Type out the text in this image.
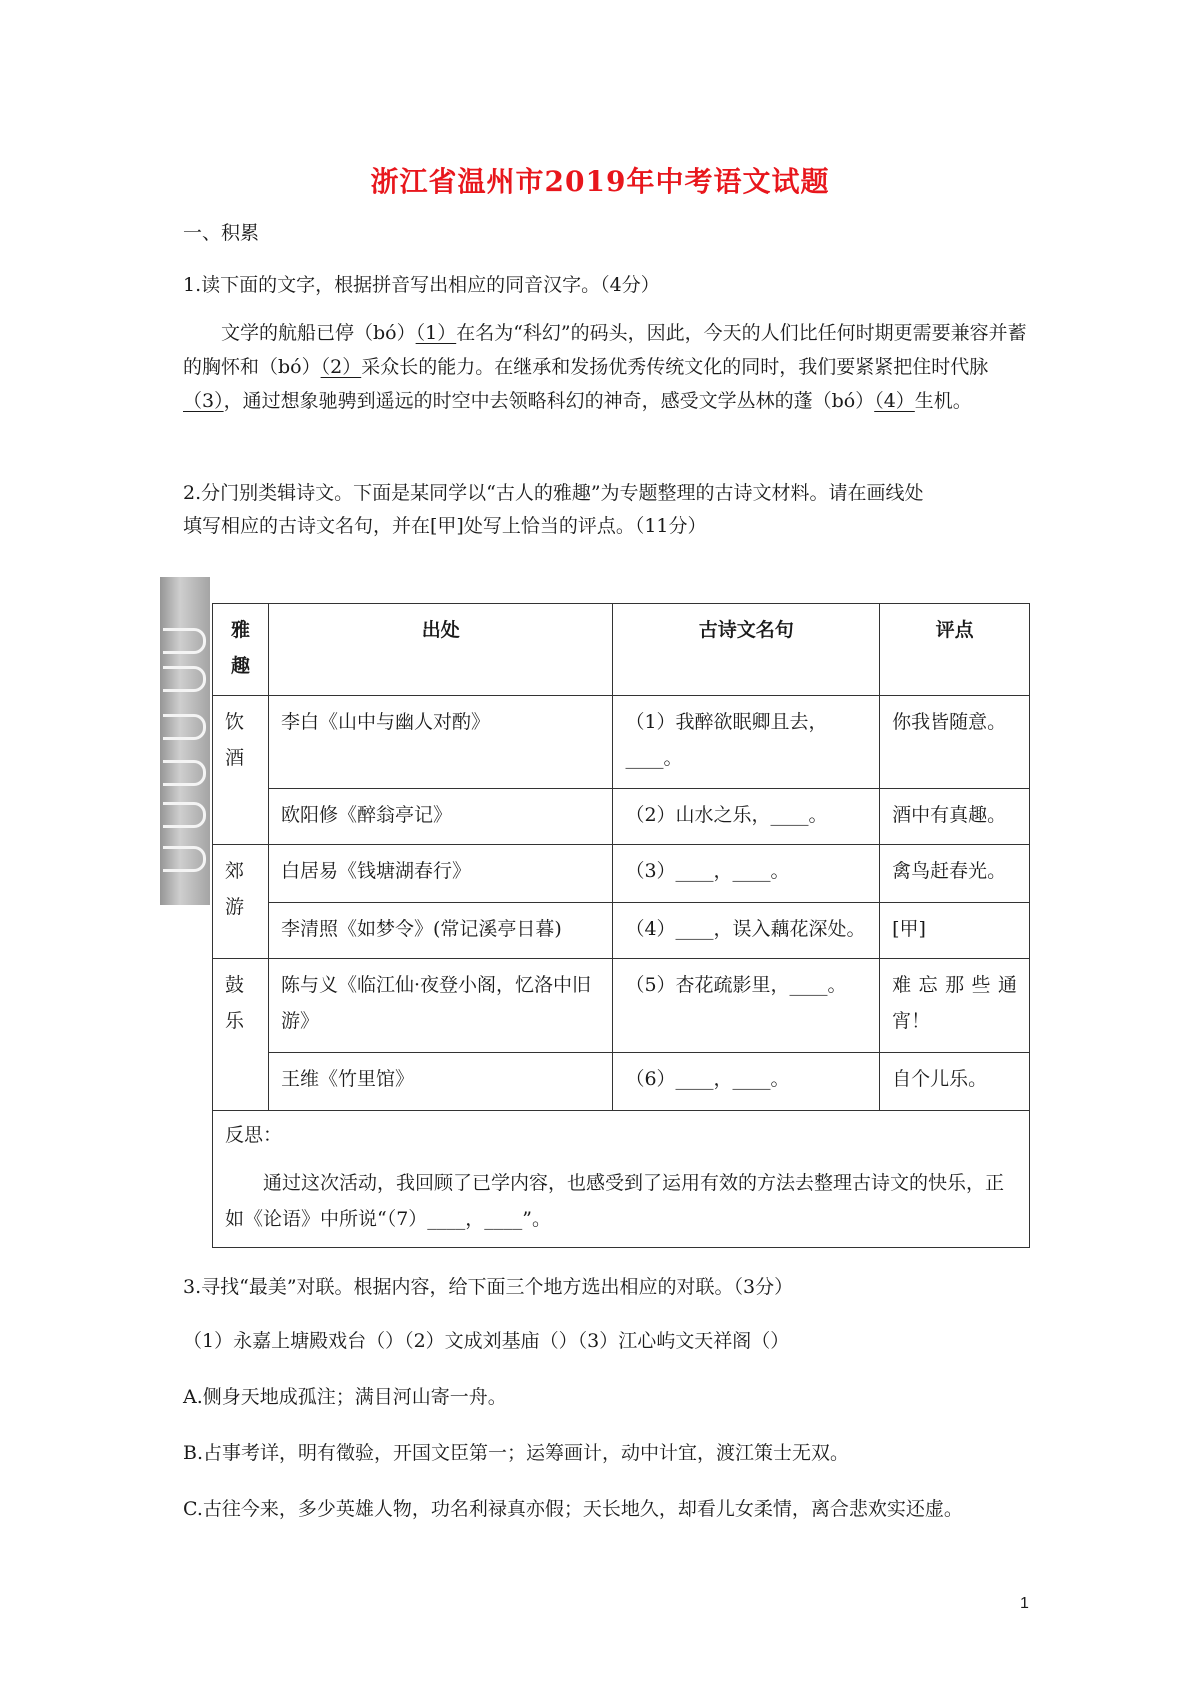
浙江省温州市2019年中考语文试题
一、积累
1.读下面的文字，根据拼音写出相应的同音汉字。（4分）
文学的航船已停（bó）（1）在名为“科幻”的码头，因此，今天的人们比任何时期更需要兼容并蓄的胸怀和（bó）（2）采众长的能力。在继承和发扬优秀传统文化的同时，我们要紧紧把住时代脉（3），通过想象驰骋到遥远的时空中去领略科幻的神奇，感受文学丛林的蓬（bó）（4）生机。
2.分门别类辑诗文。下面是某同学以“古人的雅趣”为专题整理的古诗文材料。请在画线处
填写相应的古诗文名句，并在[甲]处写上恰当的评点。（11分）
雅
趣	出处	古诗文名句	评点
饮
酒	李白《山中与幽人对酌》	（1）我醉欲眠卿且去，____。	你我皆随意。
	欧阳修《醉翁亭记》	（2）山水之乐，____。	酒中有真趣。
郊
游	白居易《钱塘湖春行》	（3）____，____。	禽鸟赶春光。
	李清照《如梦令》(常记溪亭日暮)	（4）____，误入藕花深处。	[甲]
鼓
乐	陈与义《临江仙·夜登小阁，忆洛中旧游》	（5）杏花疏影里，____。	难忘那些通宵！
	王维《竹里馆》	（6）____，____。	自个儿乐。

反思：
通过这次活动，我回顾了已学内容，也感受到了运用有效的方法去整理古诗文的快乐，正如《论语》中所说“（7）____，____”。			
3.寻找“最美”对联。根据内容，给下面三个地方选出相应的对联。（3分）
（1）永嘉上塘殿戏台（）（2）文成刘基庙（）（3）江心屿文天祥阁（）
A.侧身天地成孤注；满目河山寄一舟。
B.占事考详，明有徵验，开国文臣第一；运筹画计，动中计宜，渡江策士无双。
C.古往今来，多少英雄人物，功名利禄真亦假；天长地久，却看儿女柔情，离合悲欢实还虚。
1
